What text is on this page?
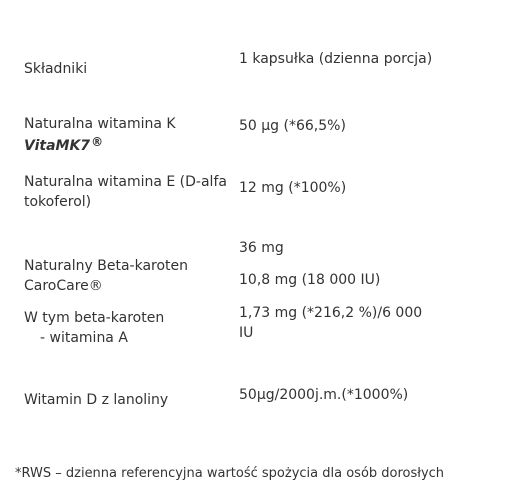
Składniki
1 kapsułka (dzienna porcja)
Naturalna witamina K
VitaMK7®
50 µg (*66,5%)
Naturalna witamina E (D-alfa tokoferol)
12 mg (*100%)
Naturalny Beta-karoten CaroCare®
36 mg
10,8 mg (18 000 IU)
W tym beta-karoten
- witamina A
1,73 mg (*216,2 %)/6 000 IU
Witamin D z lanoliny	50µg/2000j.m.(*1000%)
*RWS – dzienna referencyjna wartość spożycia dla osób dorosłych
